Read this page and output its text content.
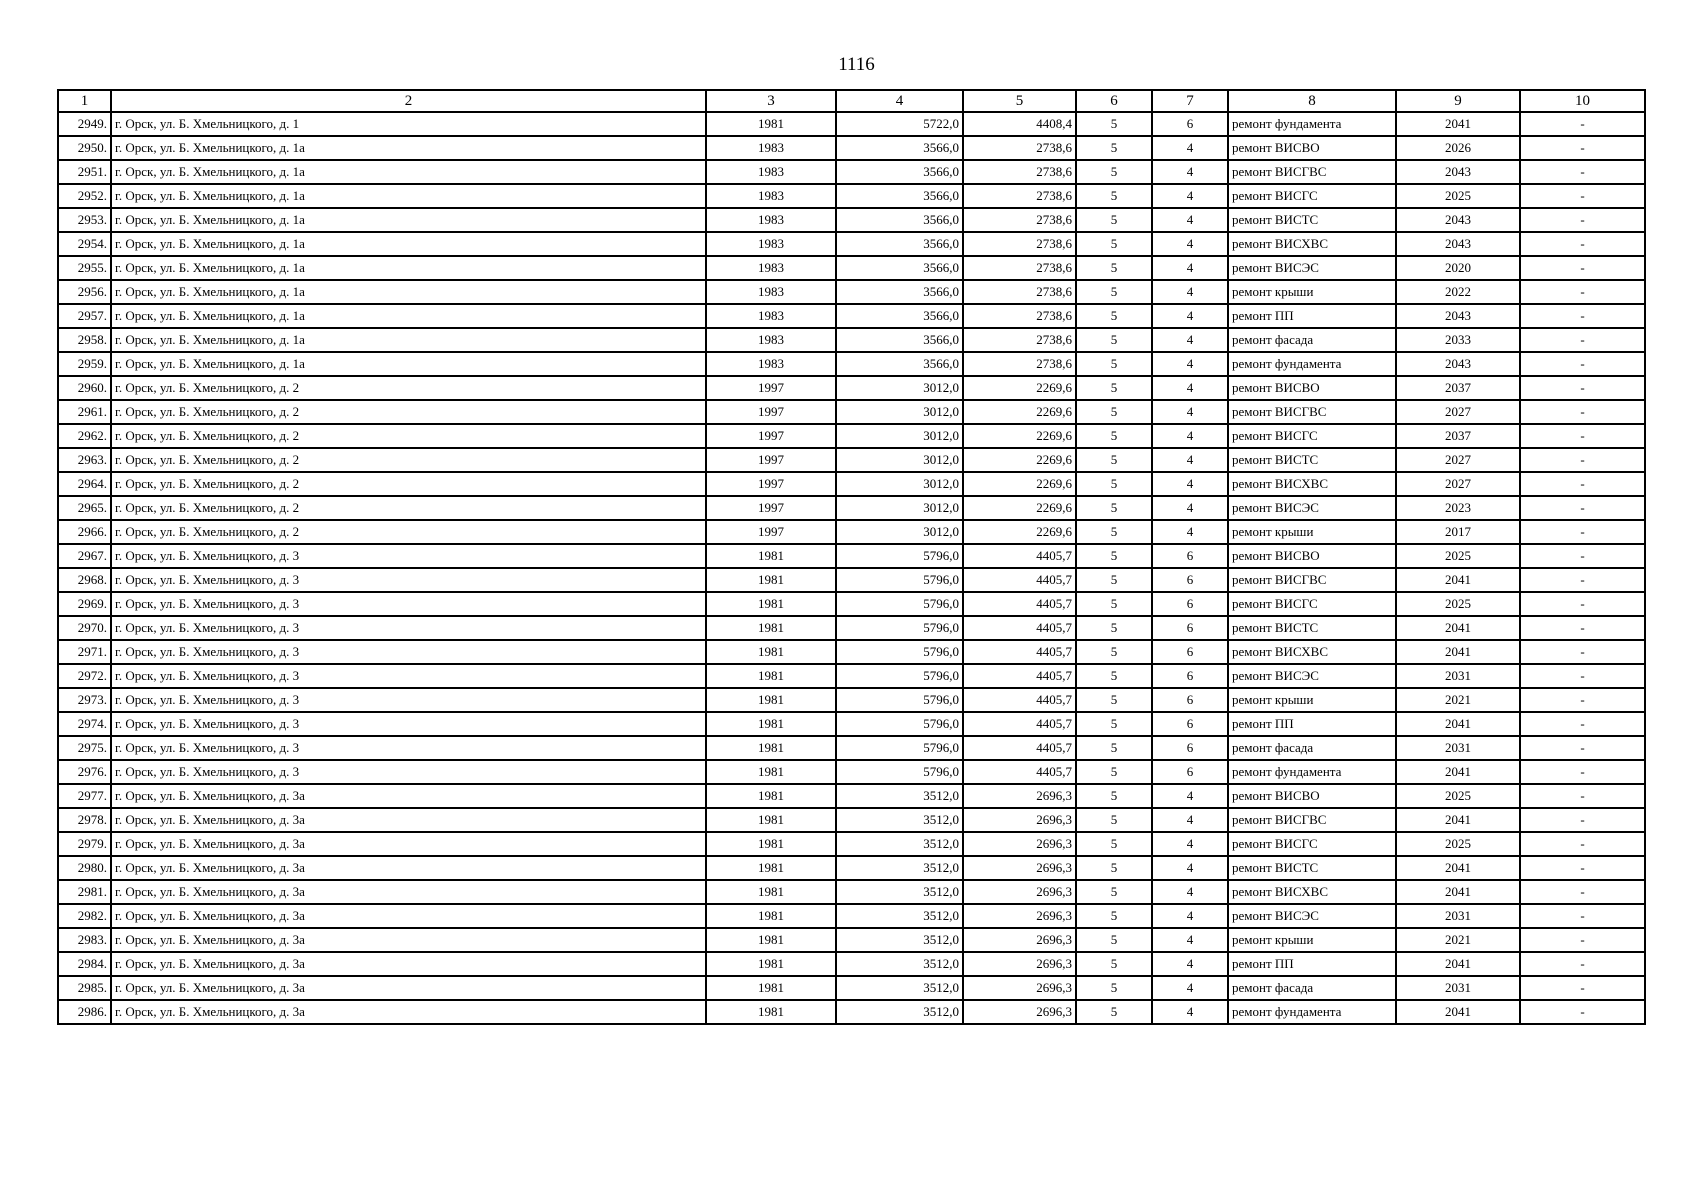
1116
1	2	3	4	5	6	7	8	9	10
2949.	г. Орск, ул. Б. Хмельницкого, д. 1	1981	5722,0	4408,4	5	6	ремонт фундамента	2041	-
2950.	г. Орск, ул. Б. Хмельницкого, д. 1а	1983	3566,0	2738,6	5	4	ремонт ВИСВО	2026	-
2951.	г. Орск, ул. Б. Хмельницкого, д. 1а	1983	3566,0	2738,6	5	4	ремонт ВИСГВС	2043	-
2952.	г. Орск, ул. Б. Хмельницкого, д. 1а	1983	3566,0	2738,6	5	4	ремонт ВИСГС	2025	-
2953.	г. Орск, ул. Б. Хмельницкого, д. 1а	1983	3566,0	2738,6	5	4	ремонт ВИСТС	2043	-
2954.	г. Орск, ул. Б. Хмельницкого, д. 1а	1983	3566,0	2738,6	5	4	ремонт ВИСХВС	2043	-
2955.	г. Орск, ул. Б. Хмельницкого, д. 1а	1983	3566,0	2738,6	5	4	ремонт ВИСЭС	2020	-
2956.	г. Орск, ул. Б. Хмельницкого, д. 1а	1983	3566,0	2738,6	5	4	ремонт крыши	2022	-
2957.	г. Орск, ул. Б. Хмельницкого, д. 1а	1983	3566,0	2738,6	5	4	ремонт ПП	2043	-
2958.	г. Орск, ул. Б. Хмельницкого, д. 1а	1983	3566,0	2738,6	5	4	ремонт фасада	2033	-
2959.	г. Орск, ул. Б. Хмельницкого, д. 1а	1983	3566,0	2738,6	5	4	ремонт фундамента	2043	-
2960.	г. Орск, ул. Б. Хмельницкого, д. 2	1997	3012,0	2269,6	5	4	ремонт ВИСВО	2037	-
2961.	г. Орск, ул. Б. Хмельницкого, д. 2	1997	3012,0	2269,6	5	4	ремонт ВИСГВС	2027	-
2962.	г. Орск, ул. Б. Хмельницкого, д. 2	1997	3012,0	2269,6	5	4	ремонт ВИСГС	2037	-
2963.	г. Орск, ул. Б. Хмельницкого, д. 2	1997	3012,0	2269,6	5	4	ремонт ВИСТС	2027	-
2964.	г. Орск, ул. Б. Хмельницкого, д. 2	1997	3012,0	2269,6	5	4	ремонт ВИСХВС	2027	-
2965.	г. Орск, ул. Б. Хмельницкого, д. 2	1997	3012,0	2269,6	5	4	ремонт ВИСЭС	2023	-
2966.	г. Орск, ул. Б. Хмельницкого, д. 2	1997	3012,0	2269,6	5	4	ремонт крыши	2017	-
2967.	г. Орск, ул. Б. Хмельницкого, д. 3	1981	5796,0	4405,7	5	6	ремонт ВИСВО	2025	-
2968.	г. Орск, ул. Б. Хмельницкого, д. 3	1981	5796,0	4405,7	5	6	ремонт ВИСГВС	2041	-
2969.	г. Орск, ул. Б. Хмельницкого, д. 3	1981	5796,0	4405,7	5	6	ремонт ВИСГС	2025	-
2970.	г. Орск, ул. Б. Хмельницкого, д. 3	1981	5796,0	4405,7	5	6	ремонт ВИСТС	2041	-
2971.	г. Орск, ул. Б. Хмельницкого, д. 3	1981	5796,0	4405,7	5	6	ремонт ВИСХВС	2041	-
2972.	г. Орск, ул. Б. Хмельницкого, д. 3	1981	5796,0	4405,7	5	6	ремонт ВИСЭС	2031	-
2973.	г. Орск, ул. Б. Хмельницкого, д. 3	1981	5796,0	4405,7	5	6	ремонт крыши	2021	-
2974.	г. Орск, ул. Б. Хмельницкого, д. 3	1981	5796,0	4405,7	5	6	ремонт ПП	2041	-
2975.	г. Орск, ул. Б. Хмельницкого, д. 3	1981	5796,0	4405,7	5	6	ремонт фасада	2031	-
2976.	г. Орск, ул. Б. Хмельницкого, д. 3	1981	5796,0	4405,7	5	6	ремонт фундамента	2041	-
2977.	г. Орск, ул. Б. Хмельницкого, д. 3а	1981	3512,0	2696,3	5	4	ремонт ВИСВО	2025	-
2978.	г. Орск, ул. Б. Хмельницкого, д. 3а	1981	3512,0	2696,3	5	4	ремонт ВИСГВС	2041	-
2979.	г. Орск, ул. Б. Хмельницкого, д. 3а	1981	3512,0	2696,3	5	4	ремонт ВИСГС	2025	-
2980.	г. Орск, ул. Б. Хмельницкого, д. 3а	1981	3512,0	2696,3	5	4	ремонт ВИСТС	2041	-
2981.	г. Орск, ул. Б. Хмельницкого, д. 3а	1981	3512,0	2696,3	5	4	ремонт ВИСХВС	2041	-
2982.	г. Орск, ул. Б. Хмельницкого, д. 3а	1981	3512,0	2696,3	5	4	ремонт ВИСЭС	2031	-
2983.	г. Орск, ул. Б. Хмельницкого, д. 3а	1981	3512,0	2696,3	5	4	ремонт крыши	2021	-
2984.	г. Орск, ул. Б. Хмельницкого, д. 3а	1981	3512,0	2696,3	5	4	ремонт ПП	2041	-
2985.	г. Орск, ул. Б. Хмельницкого, д. 3а	1981	3512,0	2696,3	5	4	ремонт фасада	2031	-
2986.	г. Орск, ул. Б. Хмельницкого, д. 3а	1981	3512,0	2696,3	5	4	ремонт фундамента	2041	-
